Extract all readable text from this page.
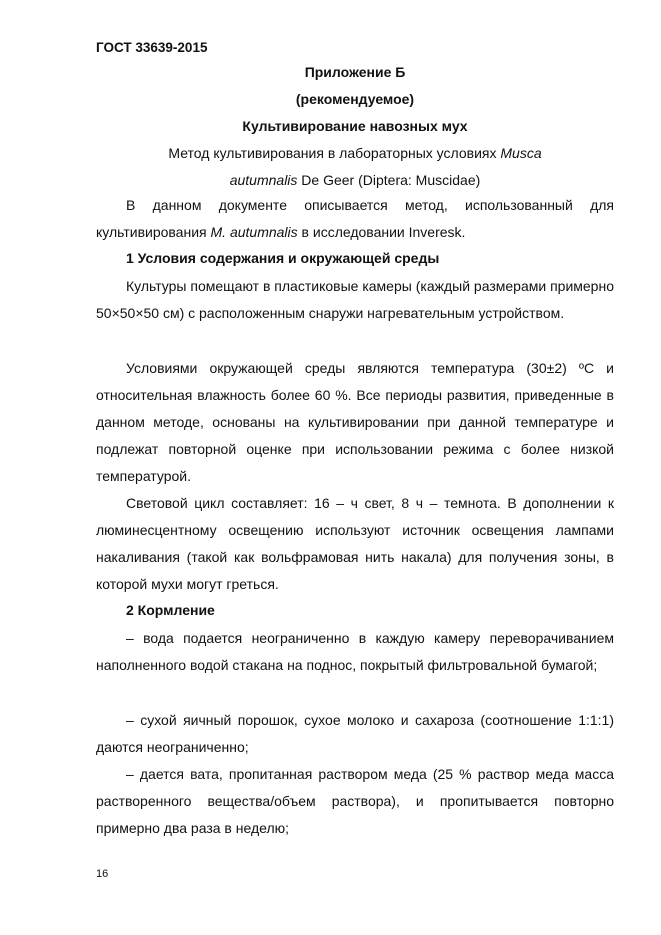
ГОСТ 33639-2015
Приложение Б
(рекомендуемое)
Культивирование навозных мух
Метод культивирования в лабораторных условиях Musca
autumnalis De Geer (Diptera: Muscidae)
В данном документе описывается метод, использованный для культивирования M. autumnalis в исследовании Inveresk.
1 Условия содержания и окружающей среды
Культуры помещают в пластиковые камеры (каждый размерами примерно 50×50×50 см) с расположенным снаружи нагревательным устройством.
Условиями окружающей среды являются температура (30±2) ºС и относительная влажность более 60 %. Все периоды развития, приведенные в данном методе, основаны на культивировании при данной температуре и подлежат повторной оценке при использовании режима с более низкой температурой.
Световой цикл составляет: 16 – ч свет, 8 ч – темнота. В дополнении к люминесцентному освещению используют источник освещения лампами накаливания (такой как вольфрамовая нить накала) для получения зоны, в которой мухи могут греться.
2 Кормление
– вода подается неограниченно в каждую камеру переворачиванием наполненного водой стакана на поднос, покрытый фильтровальной бумагой;
– сухой яичный порошок, сухое молоко и сахароза (соотношение 1:1:1) даются неограниченно;
– дается вата, пропитанная раствором меда (25 % раствор меда масса растворенного вещества/объем раствора), и пропитывается повторно примерно два раза в неделю;
16
